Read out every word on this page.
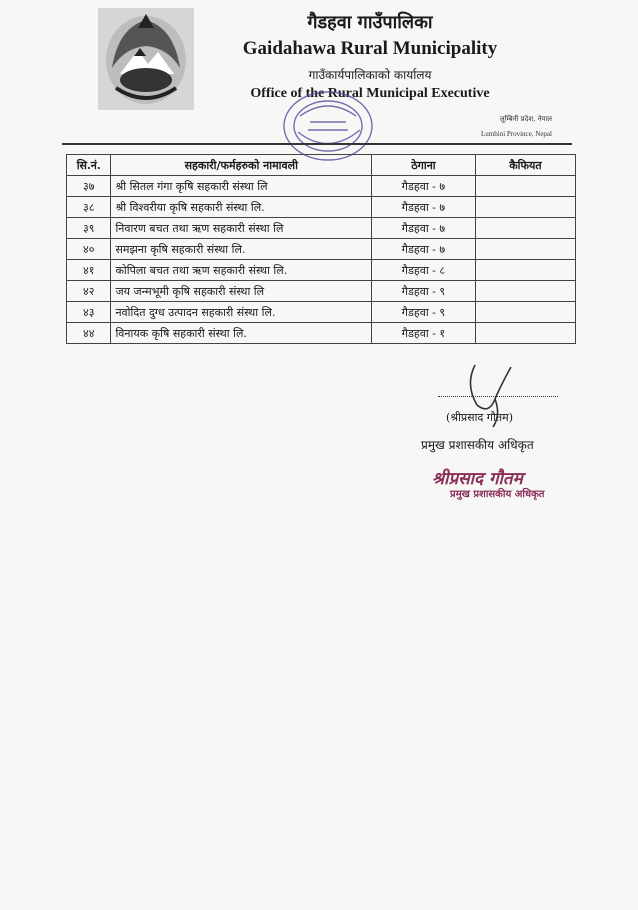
गैडहवा गाउँपालिका
Gaidahawa Rural Municipality
गाउँकार्यपालिकाको कार्यालय
Office of the Rural Municipal Executive
लुम्बिनी प्रदेश, नेपाल
Lumbini Province, Nepal
सि.नं.	सहकारी/फर्महरुको नामावली	ठेगाना	कैफियत
३७	श्री सितल गंगा कृषि सहकारी संस्था लि	गैडहवा - ७	
३८	श्री विश्वरीया कृषि सहकारी संस्था लि.	गैडहवा - ७	
३९	निवारण बचत तथा ऋण सहकारी संस्था लि	गैडहवा - ७	
४०	समझना कृषि सहकारी संस्था लि.	गैडहवा - ७	
४१	कोपिला बचत तथा ऋण सहकारी संस्था लि.	गैडहवा - ८	
४२	जय जन्मभूमी कृषि सहकारी संस्था लि	गैडहवा - ९	
४३	नवोदित दुग्ध उत्पादन सहकारी संस्था लि.	गैडहवा - ९	
४४	विनायक कृषि सहकारी संस्था लि.	गैडहवा - १	
(श्रीप्रसाद गौतम)
प्रमुख प्रशासकीय अधिकृत
श्रीप्रसाद गौतम
प्रमुख प्रशासकीय अधिकृत
